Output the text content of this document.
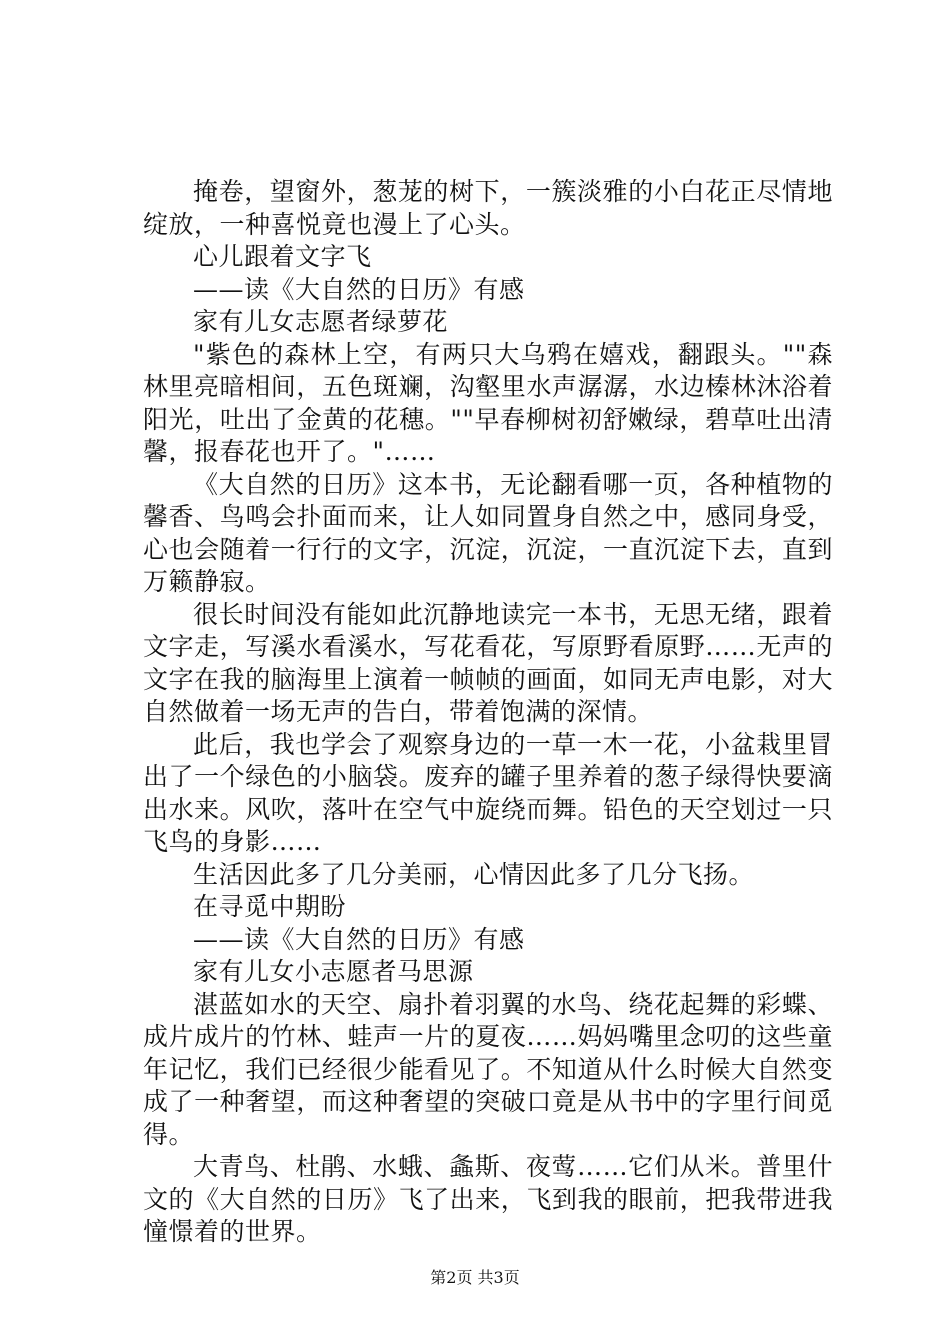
掩卷，望窗外，葱茏的树下，一簇淡雅的小白花正尽情地绽放，一种喜悦竟也漫上了心头。

心儿跟着文字飞

——读《大自然的日历》有感

家有儿女志愿者绿萝花

"紫色的森林上空，有两只大乌鸦在嬉戏，翻跟头。""森林里亮暗相间，五色斑斓，沟壑里水声潺潺，水边榛林沐浴着阳光，吐出了金黄的花穗。""早春柳树初舒嫩绿，碧草吐出清馨，报春花也开了。"……

《大自然的日历》这本书，无论翻看哪一页，各种植物的馨香、鸟鸣会扑面而来，让人如同置身自然之中，感同身受，心也会随着一行行的文字，沉淀，沉淀，一直沉淀下去，直到万籁静寂。

很长时间没有能如此沉静地读完一本书，无思无绪，跟着文字走，写溪水看溪水，写花看花，写原野看原野……无声的文字在我的脑海里上演着一帧帧的画面，如同无声电影，对大自然做着一场无声的告白，带着饱满的深情。

此后，我也学会了观察身边的一草一木一花，小盆栽里冒出了一个绿色的小脑袋。废弃的罐子里养着的葱子绿得快要滴出水来。风吹，落叶在空气中旋绕而舞。铅色的天空划过一只飞鸟的身影……

生活因此多了几分美丽，心情因此多了几分飞扬。

在寻觅中期盼

——读《大自然的日历》有感

家有儿女小志愿者马思源

湛蓝如水的天空、扇扑着羽翼的水鸟、绕花起舞的彩蝶、成片成片的竹林、蛙声一片的夏夜……妈妈嘴里念叨的这些童年记忆，我们已经很少能看见了。不知道从什么时候大自然变成了一种奢望，而这种奢望的突破口竟是从书中的字里行间觅得。

大青鸟、杜鹃、水蛾、螽斯、夜莺……它们从米。普里什文的《大自然的日历》飞了出来，飞到我的眼前，把我带进我憧憬着的世界。

第2页 共3页
